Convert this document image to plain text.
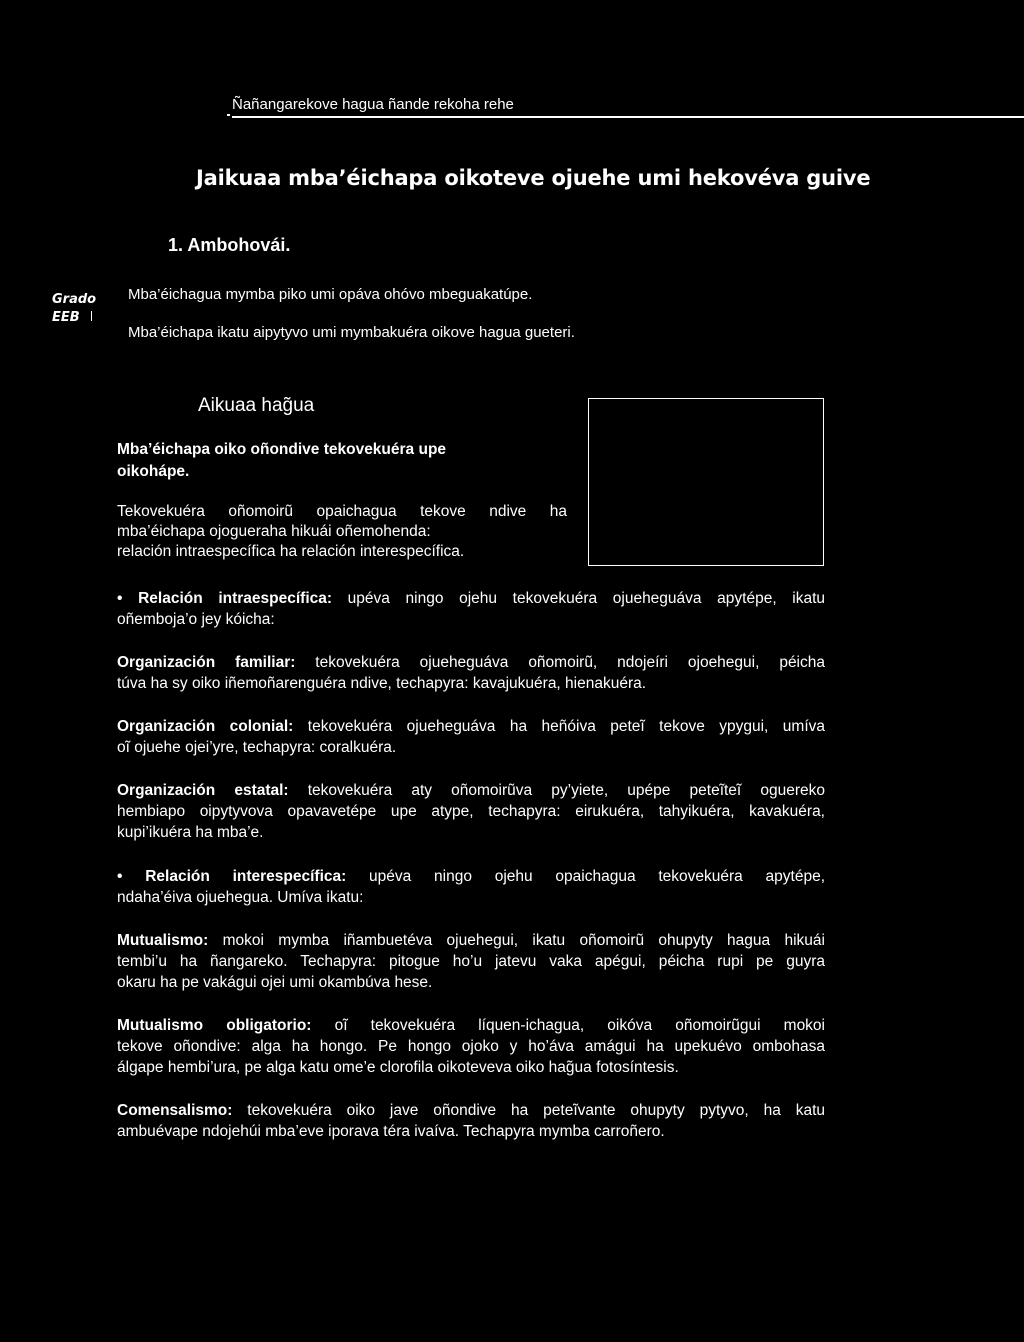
Ñañangarekove hagua ñande rekoha rehe
Jaikuaa mba’éichapa oikoteve ojuehe umi hekovéva guive
1. Ambohovái.
Grado
EEB
Mba’éichagua mymba piko umi opáva ohóvo mbeguakatúpe.
Mba’éichapa ikatu aipytyvo umi mymbakuéra oikove hagua gueteri.
Aikuaa hag̃ua
Mba’éichapa oiko oñondive tekovekuéra upe
oikohápe.
Tekovekuéra oñomoirũ opaichagua tekove ndive ha
mba’éichapa ojogueraha hikuái oñemohenda:
relación intraespecífica ha relación interespecífica.
• Relación intraespecífica: upéva ningo ojehu tekovekuéra ojueheguáva apytépe, ikatu
oñemboja’o jey kóicha:
Organización familiar: tekovekuéra ojueheguáva oñomoirũ, ndojeíri ojoehegui, péicha
túva ha sy oiko iñemoñarenguéra ndive, techapyra: kavajukuéra, hienakuéra.
Organización colonial: tekovekuéra ojueheguáva ha heñóiva peteĩ tekove ypygui, umíva
oĩ ojuehe ojei’yre, techapyra: coralkuéra.
Organización estatal: tekovekuéra aty oñomoirũva py’yiete, upépe peteĩteĩ oguereko
hembiapo oipytyvova opavavetépe upe atype, techapyra: eirukuéra, tahyikuéra, kavakuéra,
kupi’ikuéra ha mba’e.
• Relación interespecífica: upéva ningo ojehu opaichagua tekovekuéra apytépe,
ndaha’éiva ojuehegua. Umíva ikatu:
Mutualismo: mokoi mymba iñambuetéva ojuehegui, ikatu oñomoirũ ohupyty hagua hikuái
tembi’u ha ñangareko. Techapyra: pitogue ho’u jatevu vaka apégui, péicha rupi pe guyra
okaru ha pe vakágui ojei umi okambúva hese.
Mutualismo obligatorio: oĩ tekovekuéra líquen-ichagua, oikóva oñomoirũgui mokoi
tekove oñondive: alga ha hongo. Pe hongo ojoko y ho’áva amágui ha upekuévo ombohasa
álgape hembi’ura, pe alga katu ome’e clorofila oikoteveva oiko hag̃ua fotosíntesis.
Comensalismo: tekovekuéra oiko jave oñondive ha peteĩvante ohupyty pytyvo, ha katu
ambuévape ndojehúi mba’eve iporava téra ivaíva. Techapyra mymba carroñero.
